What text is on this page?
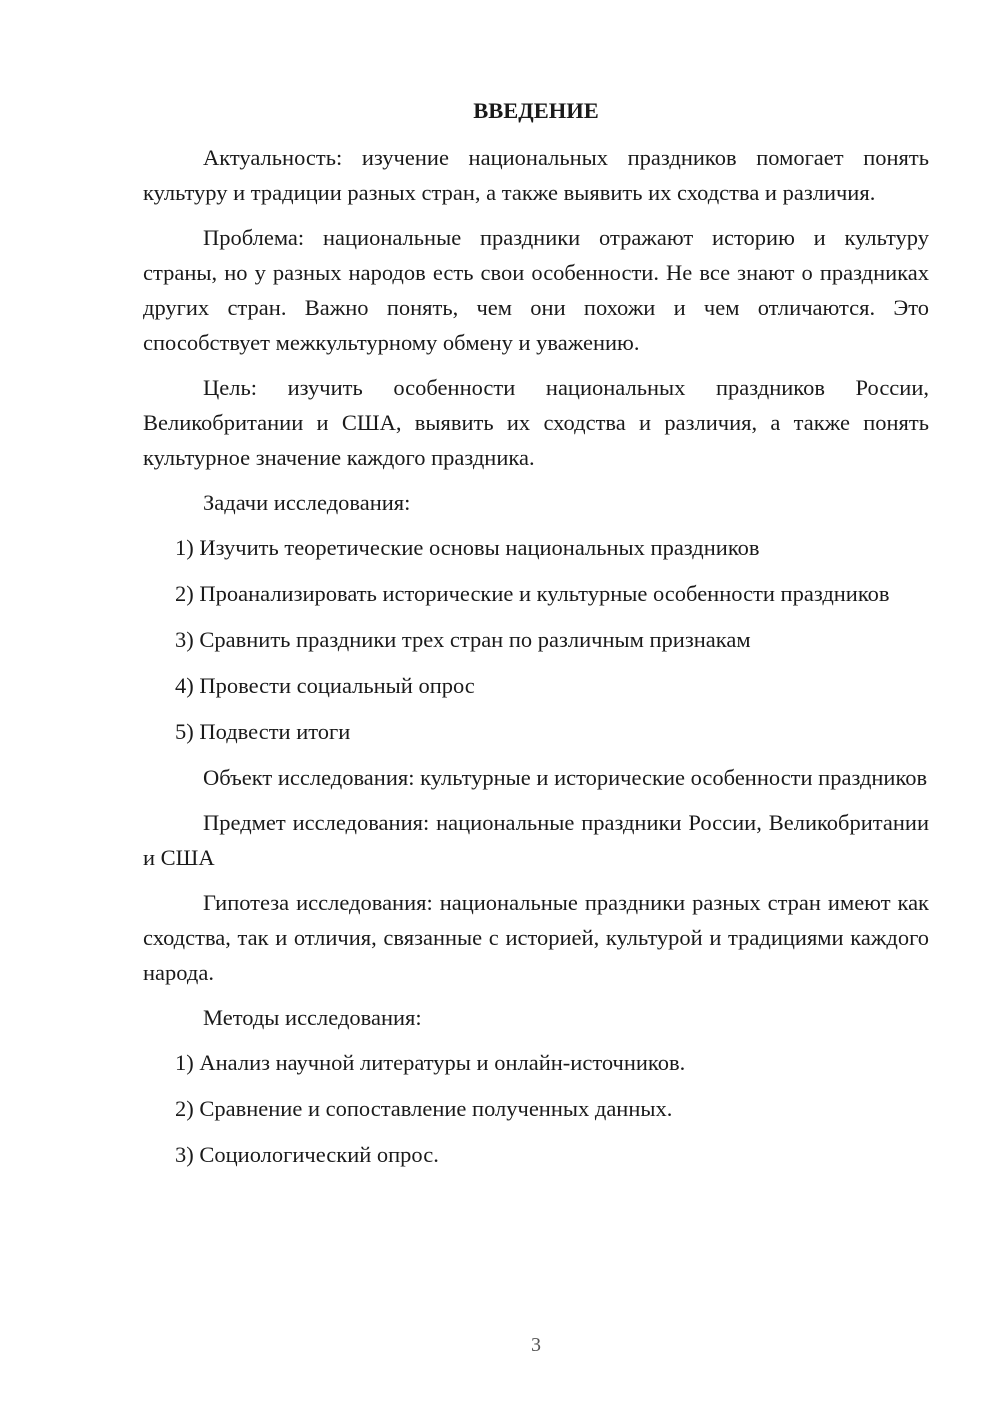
ВВЕДЕНИЕ

Актуальность: изучение национальных праздников помогает понять культуру и традиции разных стран, а также выявить их сходства и различия.

Проблема: национальные праздники отражают историю и культуру страны, но у разных народов есть свои особенности. Не все знают о праздниках других стран. Важно понять, чем они похожи и чем отличаются. Это способствует межкультурному обмену и уважению.

Цель: изучить особенности национальных праздников России, Великобритании и США, выявить их сходства и различия, а также понять культурное значение каждого праздника.

Задачи исследования:

1) Изучить теоретические основы национальных праздников

2) Проанализировать исторические и культурные особенности праздников

3) Сравнить праздники трех стран по различным признакам

4) Провести социальный опрос

5) Подвести итоги

Объект исследования: культурные и исторические особенности праздников

Предмет исследования: национальные праздники России, Великобритании и США

Гипотеза исследования: национальные праздники разных стран имеют как сходства, так и отличия, связанные с историей, культурой и традициями каждого народа.

Методы исследования:

1) Анализ научной литературы и онлайн-источников.

2) Сравнение и сопоставление полученных данных.

3) Социологический опрос.

3
